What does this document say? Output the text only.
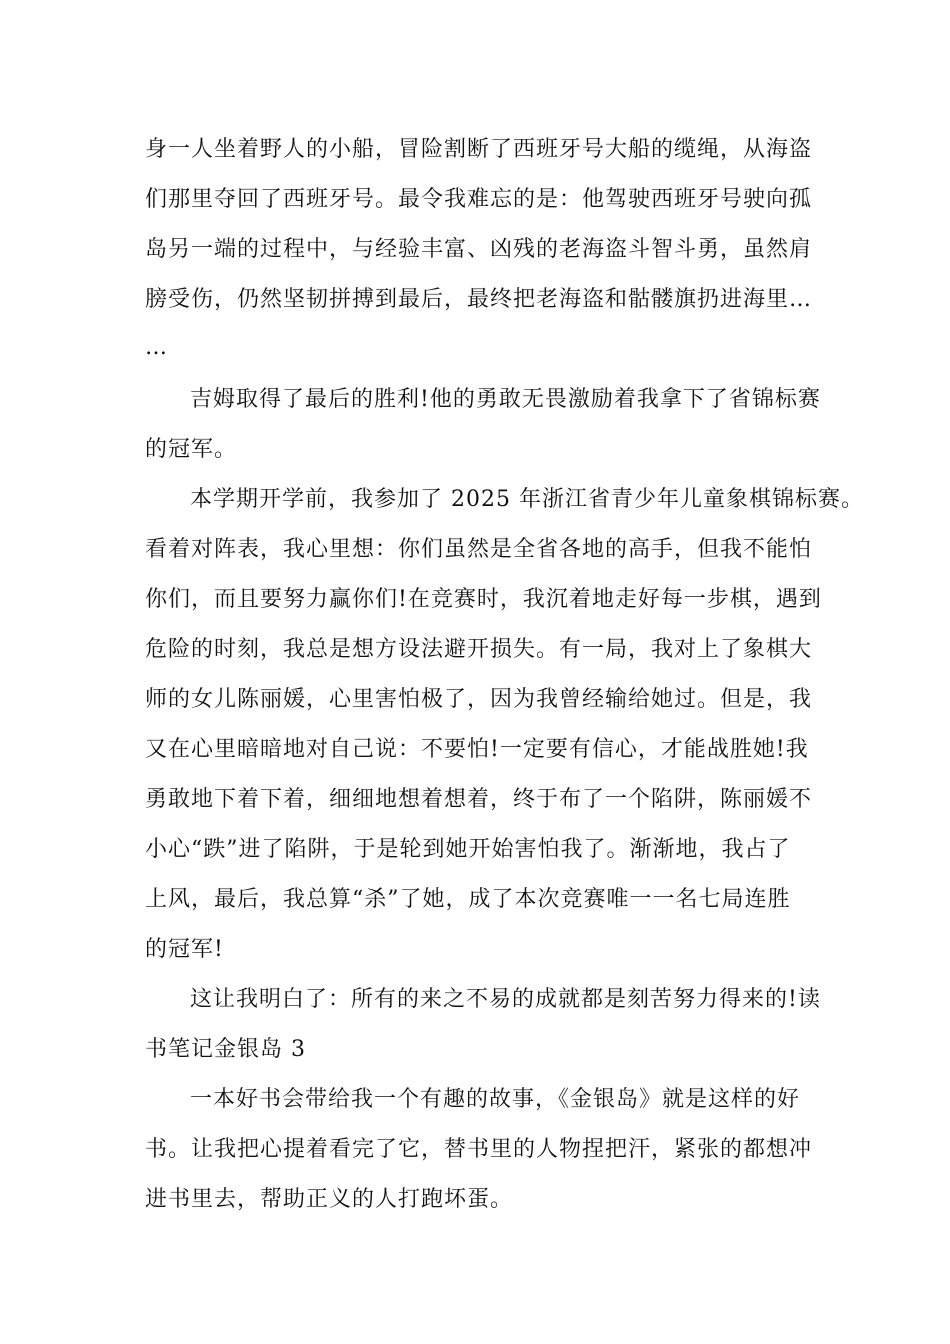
身一人坐着野人的小船，冒险割断了西班牙号大船的缆绳，从海盗
们那里夺回了西班牙号。最令我难忘的是：他驾驶西班牙号驶向孤
岛另一端的过程中，与经验丰富、凶残的老海盗斗智斗勇，虽然肩
膀受伤，仍然坚韧拼搏到最后，最终把老海盗和骷髅旗扔进海里…
…
吉姆取得了最后的胜利!他的勇敢无畏激励着我拿下了省锦标赛
的冠军。
本学期开学前，我参加了 2025 年浙江省青少年儿童象棋锦标赛。
看着对阵表，我心里想：你们虽然是全省各地的高手，但我不能怕
你们，而且要努力赢你们!在竞赛时，我沉着地走好每一步棋，遇到
危险的时刻，我总是想方设法避开损失。有一局，我对上了象棋大
师的女儿陈丽媛，心里害怕极了，因为我曾经输给她过。但是，我
又在心里暗暗地对自己说：不要怕!一定要有信心，才能战胜她!我
勇敢地下着下着，细细地想着想着，终于布了一个陷阱，陈丽媛不
小心“跌”进了陷阱，于是轮到她开始害怕我了。渐渐地，我占了
上风，最后，我总算“杀”了她，成了本次竞赛唯一一名七局连胜
的冠军!
这让我明白了：所有的来之不易的成就都是刻苦努力得来的!读
书笔记金银岛 3
一本好书会带给我一个有趣的故事，《金银岛》就是这样的好
书。让我把心提着看完了它，替书里的人物捏把汗，紧张的都想冲
进书里去，帮助正义的人打跑坏蛋。
